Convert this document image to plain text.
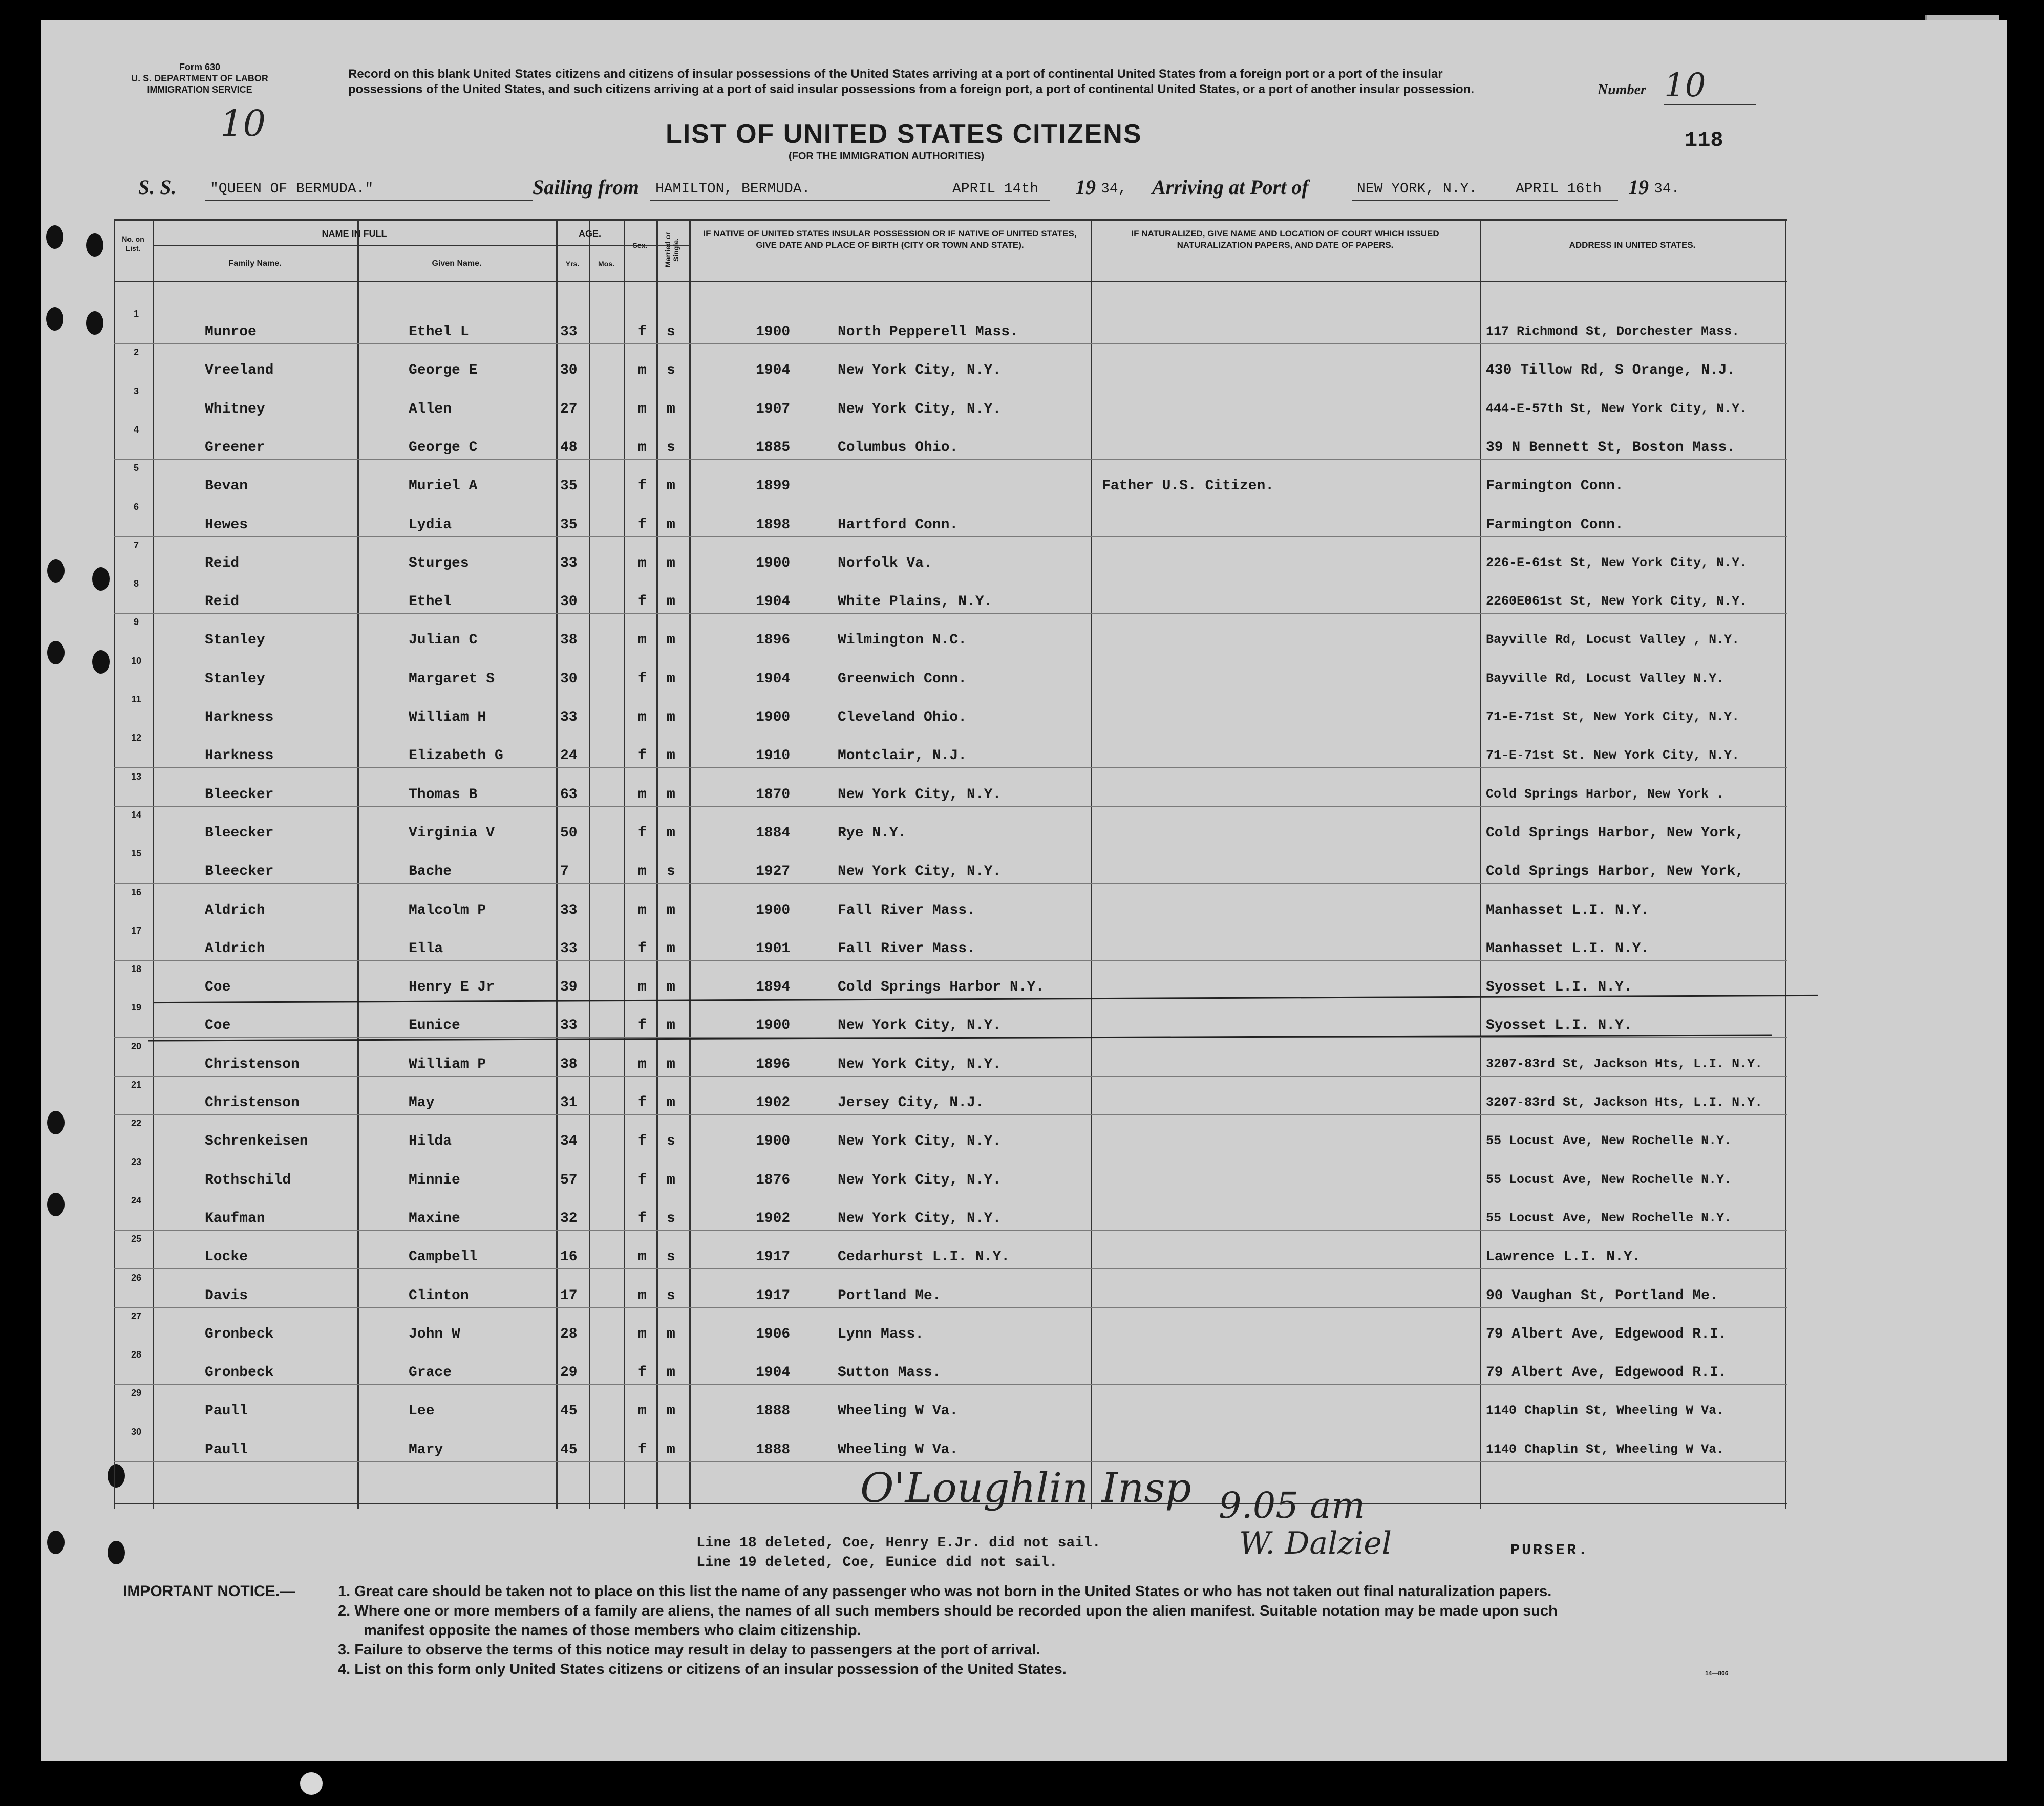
Form 630
U. S. DEPARTMENT OF LABOR
IMMIGRATION SERVICE
10
Record on this blank United States citizens and citizens of insular possessions of the United States arriving at a port of continental United States from a foreign port or a port of the insular possessions of the United States, and such citizens arriving at a port of said insular possessions from a foreign port, a port of continental United States, or a port of another insular possession.	Number 10
LIST OF UNITED STATES CITIZENS
(FOR THE IMMIGRATION AUTHORITIES)
118
S. S. "QUEEN OF BERMUDA."	Sailing from HAMILTON, BERMUDA.	APRIL 14th 19 34, Arriving at Port of	NEW YORK, N.Y.	APRIL 16th 19 34.
No. on List.
NAME IN FULL
Family Name.	Given Name.
AGE.
Yrs.	Mos.
Sex.	Married or Single.
IF NATIVE OF UNITED STATES INSULAR POSSESSION OR IF NATIVE OF UNITED STATES, GIVE DATE AND PLACE OF BIRTH (CITY OR TOWN AND STATE).
IF NATURALIZED, GIVE NAME AND LOCATION OF COURT WHICH ISSUED NATURALIZATION PAPERS, AND DATE OF PAPERS.	ADDRESS IN UNITED STATES.
1
Munroe	Ethel L	33	f s	1900	North Pepperell Mass.	117 Richmond St, Dorchester Mass.
2
Vreeland	George E	30	m s	1904	New York City, N.Y.	430 Tillow Rd, S Orange, N.J.
3
Whitney	Allen	27	m m	1907	New York City, N.Y.	444-E-57th St, New York City, N.Y.
4
Greener	George C	48	m s	1885	Columbus Ohio.	39 N Bennett St, Boston Mass.
5
Bevan	Muriel A	35	f m	1899	Father U.S. Citizen.	Farmington Conn.
6
Hewes	Lydia	35	f m	1898	Hartford Conn.	Farmington Conn.
7
Reid	Sturges	33	m m	1900	Norfolk Va.	226-E-61st St, New York City, N.Y.
8
Reid	Ethel	30	f m	1904	White Plains, N.Y.	2260E061st St, New York City, N.Y.
9
Stanley	Julian C	38	m m	1896	Wilmington N.C.	Bayville Rd, Locust Valley , N.Y.
10
Stanley	Margaret S	30	f m	1904	Greenwich Conn.	Bayville Rd, Locust Valley N.Y.
11
Harkness	William H	33	m m	1900	Cleveland Ohio.	71-E-71st St, New York City, N.Y.
12
Harkness	Elizabeth G	24	f m	1910	Montclair, N.J.	71-E-71st St. New York City, N.Y.
13
Bleecker	Thomas B	63	m m	1870	New York City, N.Y.	Cold Springs Harbor, New York .
14
Bleecker	Virginia V	50	f m	1884	Rye N.Y.	Cold Springs Harbor, New York,
15
Bleecker	Bache	7	m s	1927	New York City, N.Y.	Cold Springs Harbor, New York,
16
Aldrich	Malcolm P	33	m m	1900	Fall River Mass.	Manhasset L.I. N.Y.
17
Aldrich	Ella	33	f m	1901	Fall River Mass.	Manhasset L.I. N.Y.
18
Coe	Henry E Jr	39	m m	1894	Cold Springs Harbor N.Y.	Syosset L.I. N.Y.
19
Coe	Eunice	33	f m	1900	New York City, N.Y.	Syosset L.I. N.Y.
20
Christenson	William P	38	m m	1896	New York City, N.Y.	3207-83rd St, Jackson Hts, L.I. N.Y.
21
Christenson	May	31	f m	1902	Jersey City, N.J.	3207-83rd St, Jackson Hts, L.I. N.Y.
22
Schrenkeisen	Hilda	34	f s	1900	New York City, N.Y.	55 Locust Ave, New Rochelle N.Y.
23
Rothschild	Minnie	57	f m	1876	New York City, N.Y.	55 Locust Ave, New Rochelle N.Y.
24
Kaufman	Maxine	32	f s	1902	New York City, N.Y.	55 Locust Ave, New Rochelle N.Y.
25
Locke	Campbell	16	m s	1917	Cedarhurst L.I. N.Y.	Lawrence L.I. N.Y.
26
Davis	Clinton	17	m s	1917	Portland Me.	90 Vaughan St, Portland Me.
27
Gronbeck	John W	28	m m	1906	Lynn Mass.	79 Albert Ave, Edgewood R.I.
28
Gronbeck	Grace	29	f m	1904	Sutton Mass.	79 Albert Ave, Edgewood R.I.
29
Paull	Lee	45	m m	1888	Wheeling W Va.	1140 Chaplin St, Wheeling W Va.
30
Paull	Mary	45	f m	1888	Wheeling W Va.	1140 Chaplin St, Wheeling W Va.
O'Loughlin Insp 9.05 am
W. Dalziel
Line 18 deleted, Coe, Henry E.Jr. did not sail.
Line 19 deleted, Coe, Eunice did not sail.
PURSER.
IMPORTANT NOTICE.—	1. Great care should be taken not to place on this list the name of any passenger who was not born in the United States or who has not taken out final naturalization papers.

2. Where one or more members of a family are aliens, the names of all such members should be recorded upon the alien manifest. Suitable notation may be made upon such

manifest opposite the names of those members who claim citizenship.

3. Failure to observe the terms of this notice may result in delay to passengers at the port of arrival.

4. List on this form only United States citizens or citizens of an insular possession of the United States.	14—806
